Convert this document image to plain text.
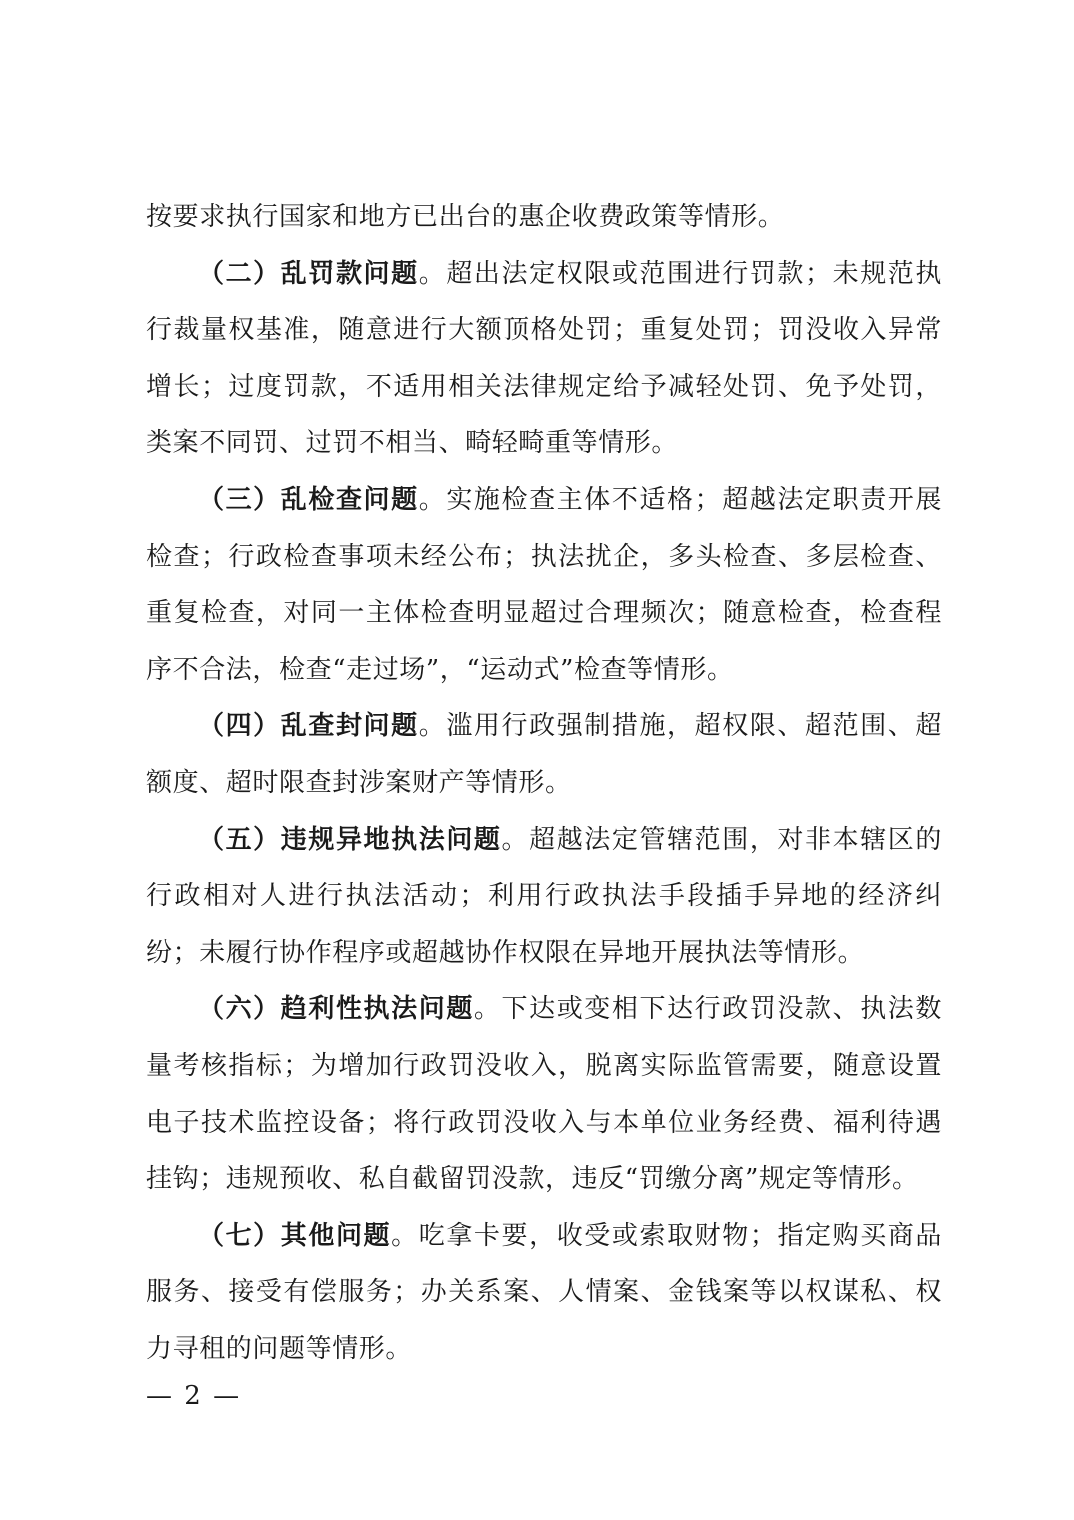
按要求执行国家和地方已出台的惠企收费政策等情形。

（二）乱罚款问题。超出法定权限或范围进行罚款；未规范执行裁量权基准，随意进行大额顶格处罚；重复处罚；罚没收入异常增长；过度罚款，不适用相关法律规定给予减轻处罚、免予处罚，类案不同罚、过罚不相当、畸轻畸重等情形。

（三）乱检查问题。实施检查主体不适格；超越法定职责开展检查；行政检查事项未经公布；执法扰企，多头检查、多层检查、重复检查，对同一主体检查明显超过合理频次；随意检查，检查程序不合法，检查“走过场”，“运动式”检查等情形。

（四）乱查封问题。滥用行政强制措施，超权限、超范围、超额度、超时限查封涉案财产等情形。

（五）违规异地执法问题。超越法定管辖范围，对非本辖区的行政相对人进行执法活动；利用行政执法手段插手异地的经济纠纷；未履行协作程序或超越协作权限在异地开展执法等情形。

（六）趋利性执法问题。下达或变相下达行政罚没款、执法数量考核指标；为增加行政罚没收入，脱离实际监管需要，随意设置电子技术监控设备；将行政罚没收入与本单位业务经费、福利待遇挂钩；违规预收、私自截留罚没款，违反“罚缴分离”规定等情形。

（七）其他问题。吃拿卡要，收受或索取财物；指定购买商品服务、接受有偿服务；办关系案、人情案、金钱案等以权谋私、权力寻租的问题等情形。

— 2 —
